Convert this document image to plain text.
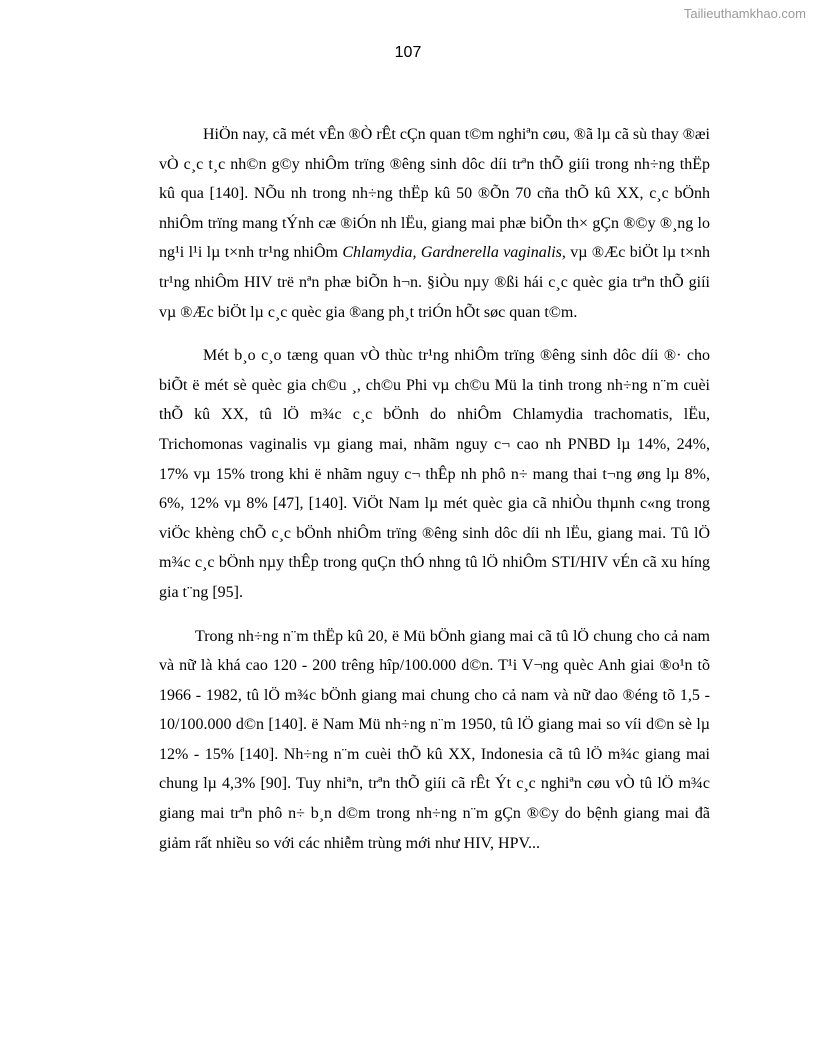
Tailieuthamkhao.com
107

HiÖn nay, cã mét vÊn ®Ò rÊt cÇn quan t©m nghiªn cøu, ®ã lµ cã sù thay ®æi vÒ c¸c t¸c nh©n g©y nhiÔm trïng ®êng sinh dôc díi trªn thÕ giíi trong nh÷ng thËp kû qua [140]. NÕu nh trong nh÷ng thËp kû 50 ®Õn 70 cña thÕ kû XX, c¸c bÖnh nhiÔm trïng mang tÝnh cæ ®iÓn nh lËu, giang mai phæ biÕn th× gÇn ®©y ®¸ng lo ng¹i l¹i lµ t×nh tr¹ng nhiÔm Chlamydia, Gardnerella vaginalis, vµ ®Æc biÖt lµ t×nh tr¹ng nhiÔm HIV trë nªn phæ biÕn h¬n. §iÒu nµy ®ßi hái c¸c quèc gia trªn thÕ giíi vµ ®Æc biÖt lµ c¸c quèc gia ®ang ph¸t triÓn hÕt søc quan t©m.

Mét b¸o c¸o tæng quan vÒ thùc tr¹ng nhiÔm trïng ®êng sinh dôc díi ®· cho biÕt ë mét sè quèc gia ch©u ¸, ch©u Phi vµ ch©u Mü la tinh trong nh÷ng n¨m cuèi thÕ kû XX, tû lÖ m¾c c¸c bÖnh do nhiÔm Chlamydia trachomatis, lËu, Trichomonas vaginalis vµ giang mai, nhãm nguy c¬ cao nh PNBD lµ 14%, 24%, 17% vµ 15% trong khi ë nhãm nguy c¬ thÊp nh phô n÷ mang thai t¬ng øng lµ 8%, 6%, 12% vµ 8% [47], [140]. ViÖt Nam lµ mét quèc gia cã nhiÒu thµnh c«ng trong viÖc khèng chÕ c¸c bÖnh nhiÔm trïng ®êng sinh dôc díi nh lËu, giang mai. Tû lÖ m¾c c¸c bÖnh nµy thÊp trong quÇn thÓ nhng tû lÖ nhiÔm STI/HIV vÉn cã xu híng gia t¨ng [95].

Trong nh÷ng n¨m thËp kû 20, ë Mü bÖnh giang mai cã tû lÖ chung cho cả nam và nữ là khá cao 120 - 200 trêng hîp/100.000 d©n. T¹i V¬ng quèc Anh giai ®o¹n tõ 1966 - 1982, tû lÖ m¾c bÖnh giang mai chung cho cả nam và nữ dao ®éng tõ 1,5 - 10/100.000 d©n [140]. ë Nam Mü nh÷ng n¨m 1950, tû lÖ giang mai so víi d©n sè lµ 12% - 15% [140]. Nh÷ng n¨m cuèi thÕ kû XX, Indonesia cã tû lÖ m¾c giang mai chung lµ 4,3% [90]. Tuy nhiªn, trªn thÕ giíi cã rÊt Ýt c¸c nghiªn cøu vÒ tû lÖ m¾c giang mai trªn phô n÷ b¸n d©m trong nh÷ng n¨m gÇn ®©y do bệnh giang mai đã giảm rất nhiều so với các nhiễm trùng mới như HIV, HPV...
